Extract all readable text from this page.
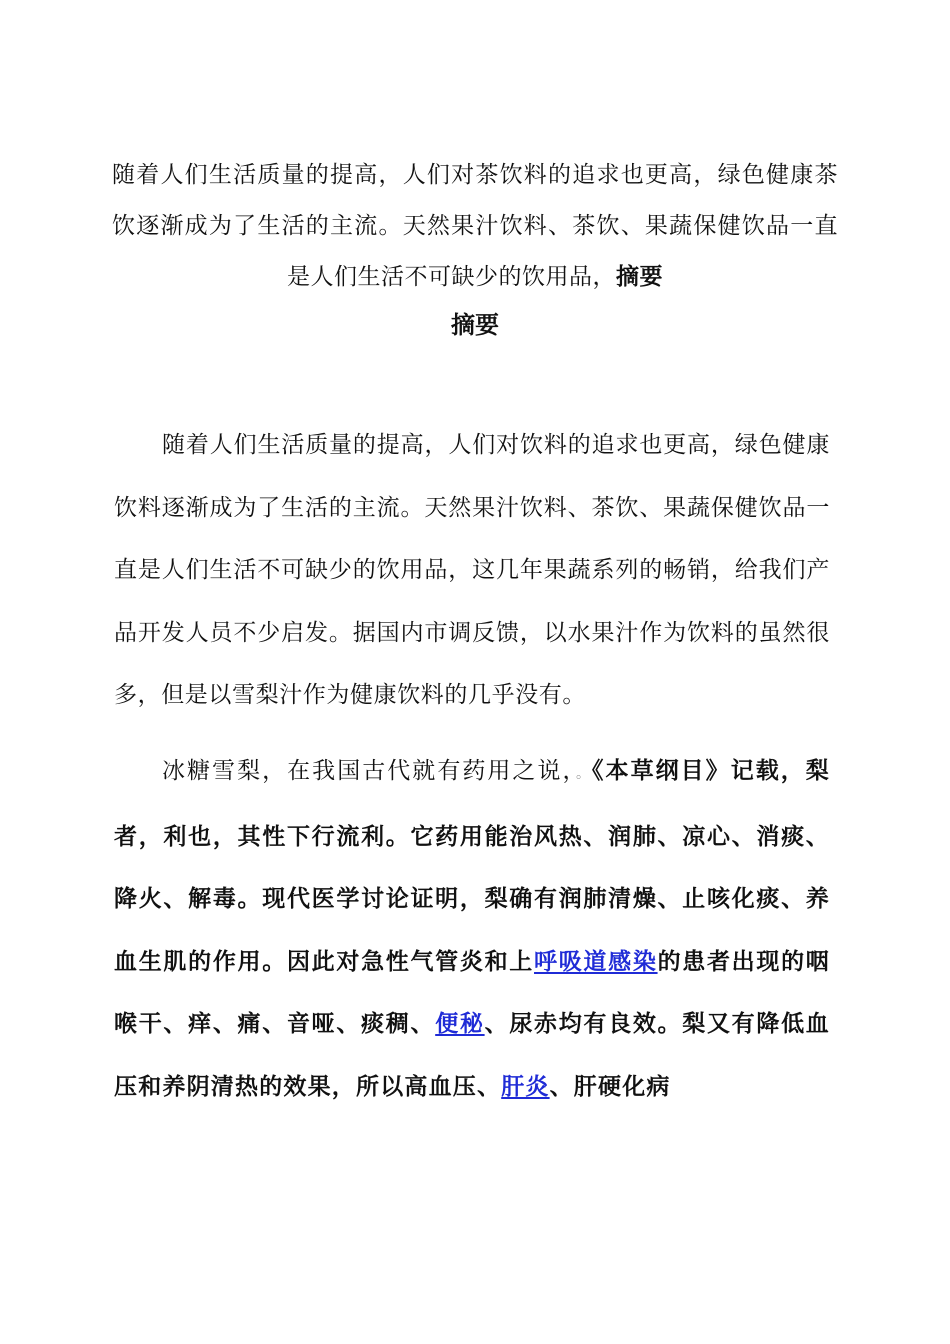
随着人们生活质量的提高，人们对茶饮料的追求也更高，绿色健康茶饮逐渐成为了生活的主流。天然果汁饮料、茶饮、果蔬保健饮品一直是人们生活不可缺少的饮用品，摘要
摘要

随着人们生活质量的提高，人们对饮料的追求也更高，绿色健康饮料逐渐成为了生活的主流。天然果汁饮料、茶饮、果蔬保健饮品一直是人们生活不可缺少的饮用品，这几年果蔬系列的畅销，给我们产品开发人员不少启发。据国内市调反馈，以水果汁作为饮料的虽然很多，但是以雪梨汁作为健康饮料的几乎没有。

冰糖雪梨，在我国古代就有药用之说，。《本草纲目》记载，梨者，利也，其性下行流利。它药用能治风热、润肺、凉心、消痰、降火、解毒。现代医学讨论证明，梨确有润肺清燥、止咳化痰、养血生肌的作用。因此对急性气管炎和上呼吸道感染的患者出现的咽喉干、痒、痛、音哑、痰稠、便秘、尿赤均有良效。梨又有降低血压和养阴清热的效果，所以高血压、肝炎、肝硬化病
